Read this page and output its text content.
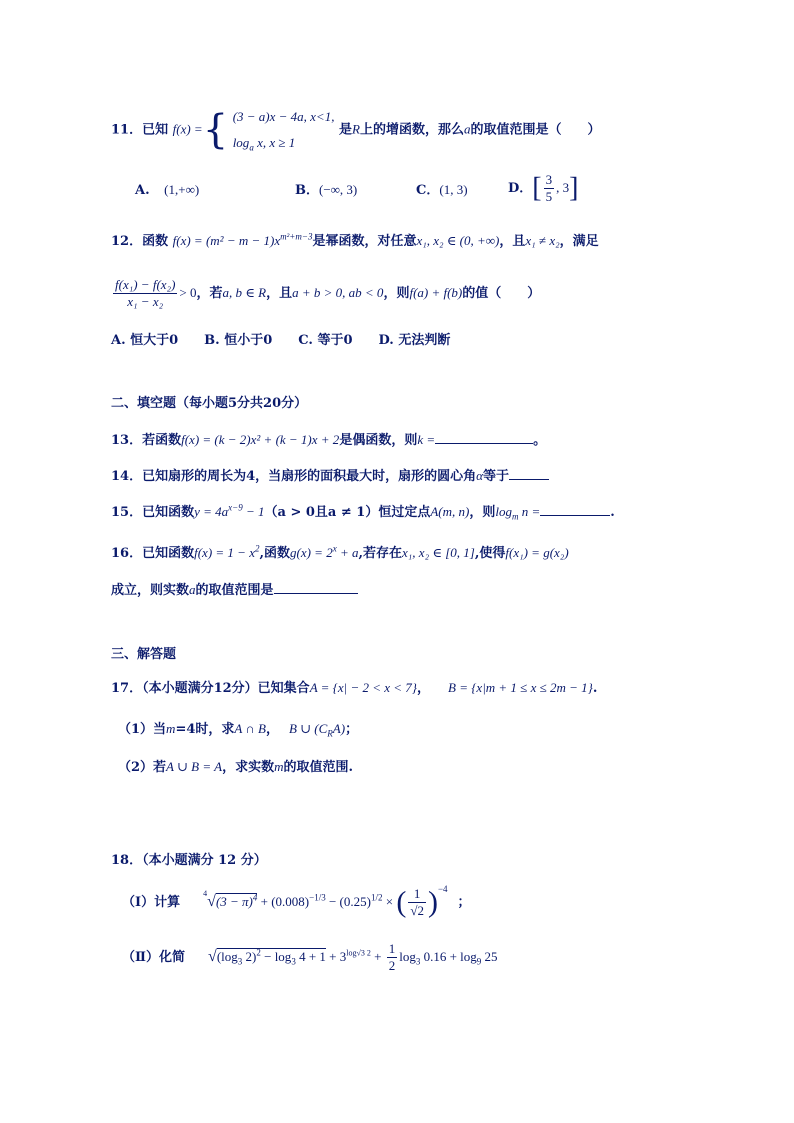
11．已知 f(x) ={ (3 − a)x − 4a, x<1,
$\log_a x$, x ≥ 1
是R上的增函数，那么a的取值范围是（　　）
A. (1,+∞)	B．(−∞, 3)	C．(1, 3)	D．[ $\frac{3}{5}$ , 3]
12．函数 $f(x) = (m^2 - m - 1)x^{m^2+m-3}$是幂函数，对任意x₁, x₂ ∈ (0, +∞)，且x₁ ≠ x₂，满足
$\frac{\text{f(x₁) − f(x₂)}}{\text{x₁ − x₂}} > 0$，若a, b ∈ R，且a + b > 0, ab < 0，则f(a) + f(b)的值（　　）
A. 恒大于0　　B. 恒小于0　　C. 等于0　　D. 无法判断
二、填空题（每小题5分共20分）
13．若函数f(x) = (k − 2)x² + (k − 1)x + 2是偶函数，则k =	。
14．已知扇形的周长为4，当扇形的面积最大时，扇形的圆心角α等于
15．已知函数$y = 4a^{x-9} - 1(a > 0$且a ≠ 1）恒过定点A(m, n)，则$\log_m n$ =	.
16．已知函数$f(x) = 1 - x^2$,函数$g(x) = 2^x + a$,若存在x₁, x₂ ∈ [0, 1],使得f(x₁) = g(x₂)
成立，则实数a的取值范围是
三、解答题
17．（本小题满分12分）已知集合A = {x| − 2 < x < 7}， B = {x|m + 1 ≤ x ≤ 2m − 1}.
（1）当m=4时，求A ∩ B， B ∪ $(C_RA)$；
（2）若A ∪ B = A，求实数m的取值范围.
18．（本小题满分 12 分）
（Ⅰ）计算  $^4√(3 - \pi)^4 + (0.008)^{-1/3} - (0.25)^{1/2}$ × ( $\frac{1}{√2} )^{-4}$；
（Ⅱ）化简 $√(\log_3$ $2)^2 - \log_3 4 + 1 + 3^{log√3 2} + \frac{1}{2} \log_3 0.16 + \log_9 25$
